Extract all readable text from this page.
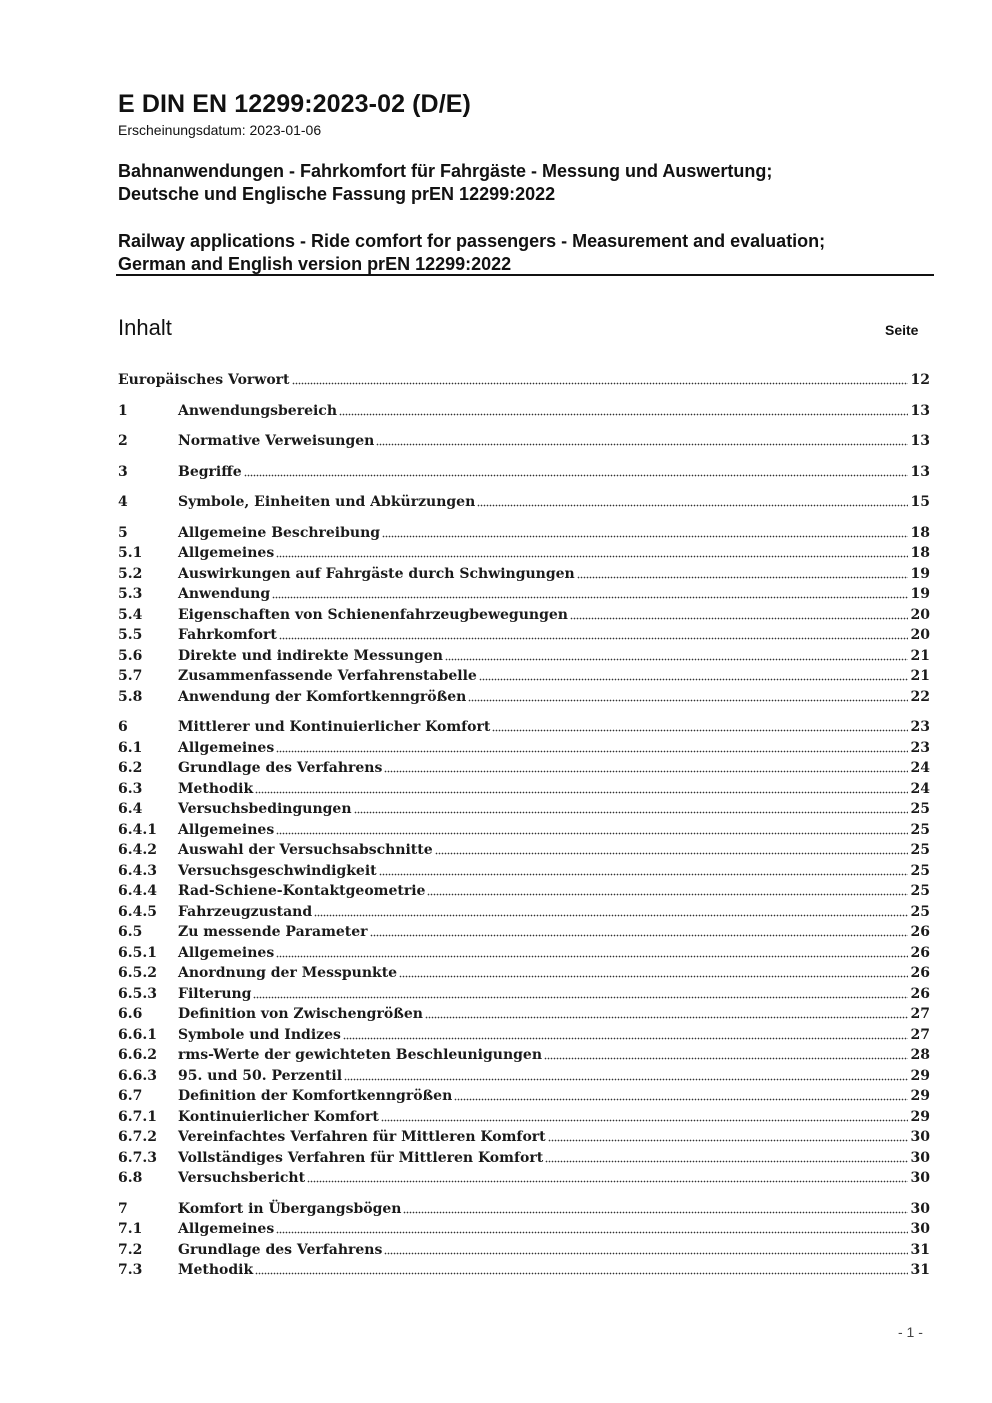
E DIN EN 12299:2023-02 (D/E)
Erscheinungsdatum: 2023-01-06
Bahnanwendungen - Fahrkomfort für Fahrgäste - Messung und Auswertung;
Deutsche und Englische Fassung prEN 12299:2022
Railway applications - Ride comfort for passengers - Measurement and evaluation;
German and English version prEN 12299:2022
Inhalt	Seite
Europäisches Vorwort	12
1	Anwendungsbereich	13
2	Normative Verweisungen	13
3	Begriffe	13
4	Symbole, Einheiten und Abkürzungen	15
5	Allgemeine Beschreibung	18
5.1	Allgemeines	18
5.2	Auswirkungen auf Fahrgäste durch Schwingungen	19
5.3	Anwendung	19
5.4	Eigenschaften von Schienenfahrzeugbewegungen	20
5.5	Fahrkomfort	20
5.6	Direkte und indirekte Messungen	21
5.7	Zusammenfassende Verfahrenstabelle	21
5.8	Anwendung der Komfortkenngrößen	22
6	Mittlerer und Kontinuierlicher Komfort	23
6.1	Allgemeines	23
6.2	Grundlage des Verfahrens	24
6.3	Methodik	24
6.4	Versuchsbedingungen	25
6.4.1	Allgemeines	25
6.4.2	Auswahl der Versuchsabschnitte	25
6.4.3	Versuchsgeschwindigkeit	25
6.4.4	Rad-Schiene-Kontaktgeometrie	25
6.4.5	Fahrzeugzustand	25
6.5	Zu messende Parameter	26
6.5.1	Allgemeines	26
6.5.2	Anordnung der Messpunkte	26
6.5.3	Filterung	26
6.6	Definition von Zwischengrößen	27
6.6.1	Symbole und Indizes	27
6.6.2	rms-Werte der gewichteten Beschleunigungen	28
6.6.3	95. und 50. Perzentil	29
6.7	Definition der Komfortkenngrößen	29
6.7.1	Kontinuierlicher Komfort	29
6.7.2	Vereinfachtes Verfahren für Mittleren Komfort	30
6.7.3	Vollständiges Verfahren für Mittleren Komfort	30
6.8	Versuchsbericht	30
7	Komfort in Übergangsbögen	30
7.1	Allgemeines	30
7.2	Grundlage des Verfahrens	31
7.3	Methodik	31
- 1 -
